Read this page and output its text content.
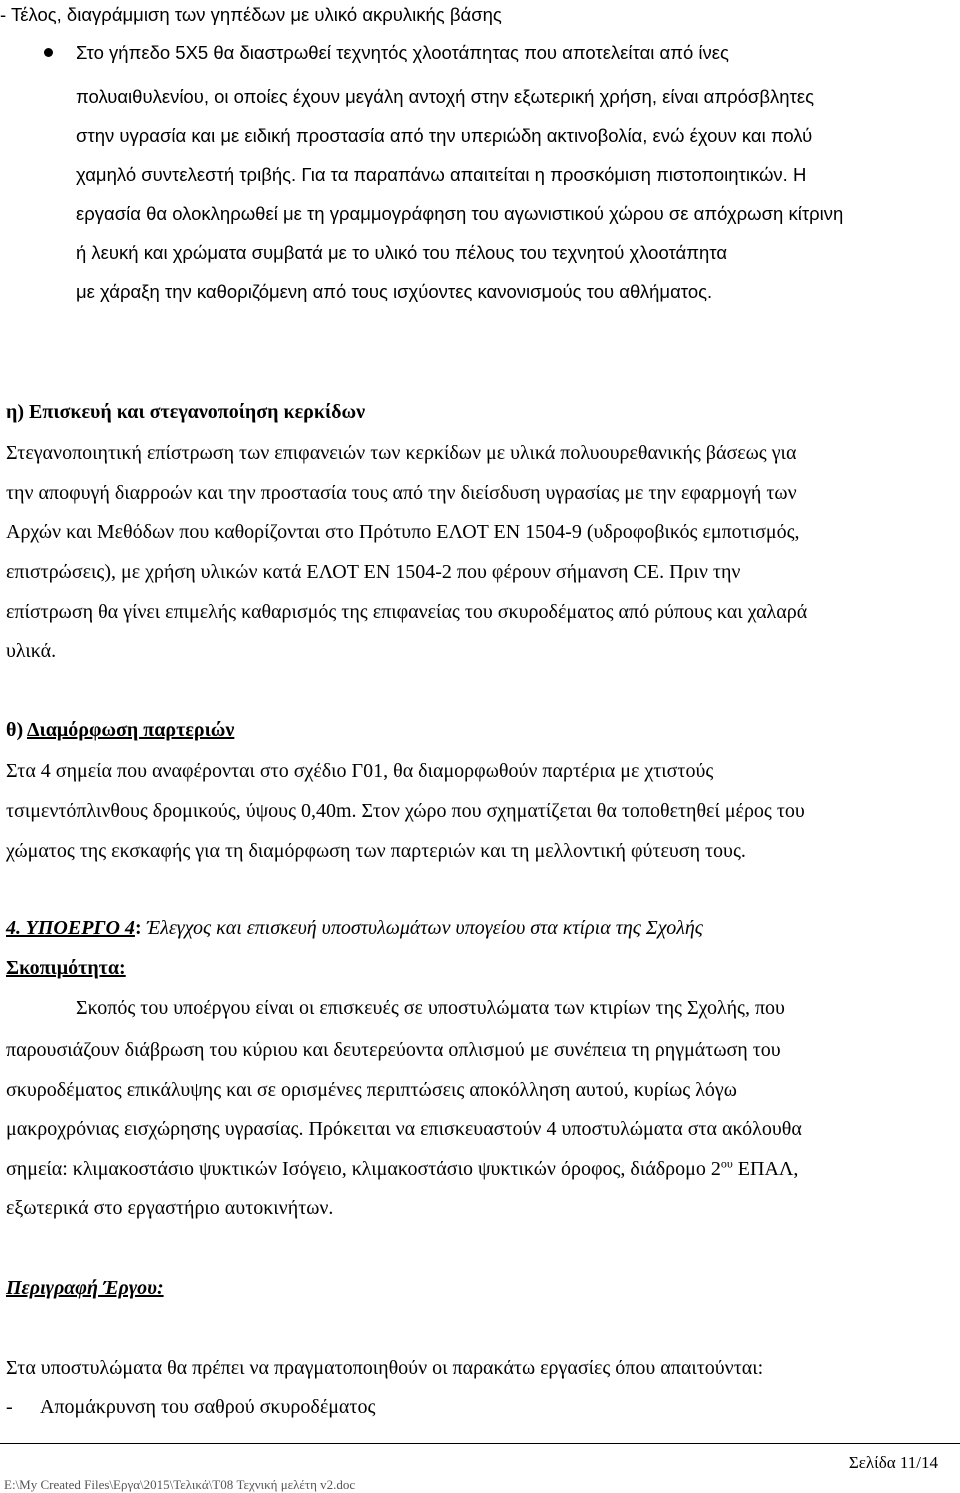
- Τέλος, διαγράμμιση των γηπέδων με υλικό ακρυλικής βάσης
Στο γήπεδο 5Χ5 θα διαστρωθεί τεχνητός χλοοτάπητας που αποτελείται από ίνες
πολυαιθυλενίου, οι οποίες έχουν μεγάλη αντοχή στην εξωτερική χρήση, είναι απρόσβλητες
στην υγρασία και με ειδική προστασία από την υπεριώδη ακτινοβολία, ενώ έχουν και πολύ
χαμηλό συντελεστή τριβής. Για τα παραπάνω απαιτείται η προσκόμιση πιστοποιητικών. Η
εργασία θα ολοκληρωθεί με τη γραμμογράφηση του αγωνιστικού χώρου σε απόχρωση κίτρινη
ή λευκή και χρώματα συμβατά με το υλικό του πέλους του τεχνητού χλοοτάπητα
με χάραξη την καθοριζόμενη από τους ισχύοντες κανονισμούς του αθλήματος.
η) Επισκευή και στεγανοποίηση κερκίδων
Στεγανοποιητική επίστρωση των επιφανειών των κερκίδων με υλικά πολυουρεθανικής βάσεως για
την αποφυγή διαρροών και την προστασία τους από την διείσδυση υγρασίας με την εφαρμογή των
Αρχών και Μεθόδων που καθορίζονται στο Πρότυπο ΕΛΟΤ ΕΝ 1504-9 (υδροφοβικός εμποτισμός,
επιστρώσεις), με χρήση υλικών κατά ΕΛΟΤ ΕΝ 1504-2 που φέρουν σήμανση CE. Πριν την
επίστρωση θα γίνει επιμελής καθαρισμός της επιφανείας του σκυροδέματος από ρύπους και χαλαρά
υλικά.
θ) Διαμόρφωση παρτεριών
Στα 4 σημεία που αναφέρονται στο σχέδιο Γ01, θα διαμορφωθούν παρτέρια με χτιστούς
τσιμεντόπλινθους δρομικούς, ύψους 0,40m. Στον χώρο που σχηματίζεται θα τοποθετηθεί μέρος του
χώματος της εκσκαφής για τη διαμόρφωση των παρτεριών και τη μελλοντική φύτευση τους.
4. ΥΠΟΕΡΓΟ 4: Έλεγχος και επισκευή υποστυλωμάτων υπογείου στα κτίρια της Σχολής
Σκοπιμότητα:
Σκοπός του υποέργου είναι οι επισκευές σε υποστυλώματα των κτιρίων της Σχολής, που
παρουσιάζουν διάβρωση του κύριου και δευτερεύοντα οπλισμού με συνέπεια τη ρηγμάτωση του
σκυροδέματος επικάλυψης και σε ορισμένες περιπτώσεις αποκόλληση αυτού, κυρίως λόγω
μακροχρόνιας εισχώρησης υγρασίας. Πρόκειται να επισκευαστούν 4 υποστυλώματα στα ακόλουθα
σημεία: κλιμακοστάσιο ψυκτικών Ισόγειο, κλιμακοστάσιο ψυκτικών όροφος, διάδρομο $2^{o\upsilon}$ ΕΠΑΛ,
εξωτερικά στο εργαστήριο αυτοκινήτων.
Περιγραφή Έργου:
Στα υποστυλώματα θα πρέπει να πραγματοποιηθούν οι παρακάτω εργασίες όπου απαιτούνται:
- Απομάκρυνση του σαθρού σκυροδέματος
Σελίδα 11/14
E:\My Created Files\Εργα\2015\Τελικά\T08 Τεχνική μελέτη v2.doc
